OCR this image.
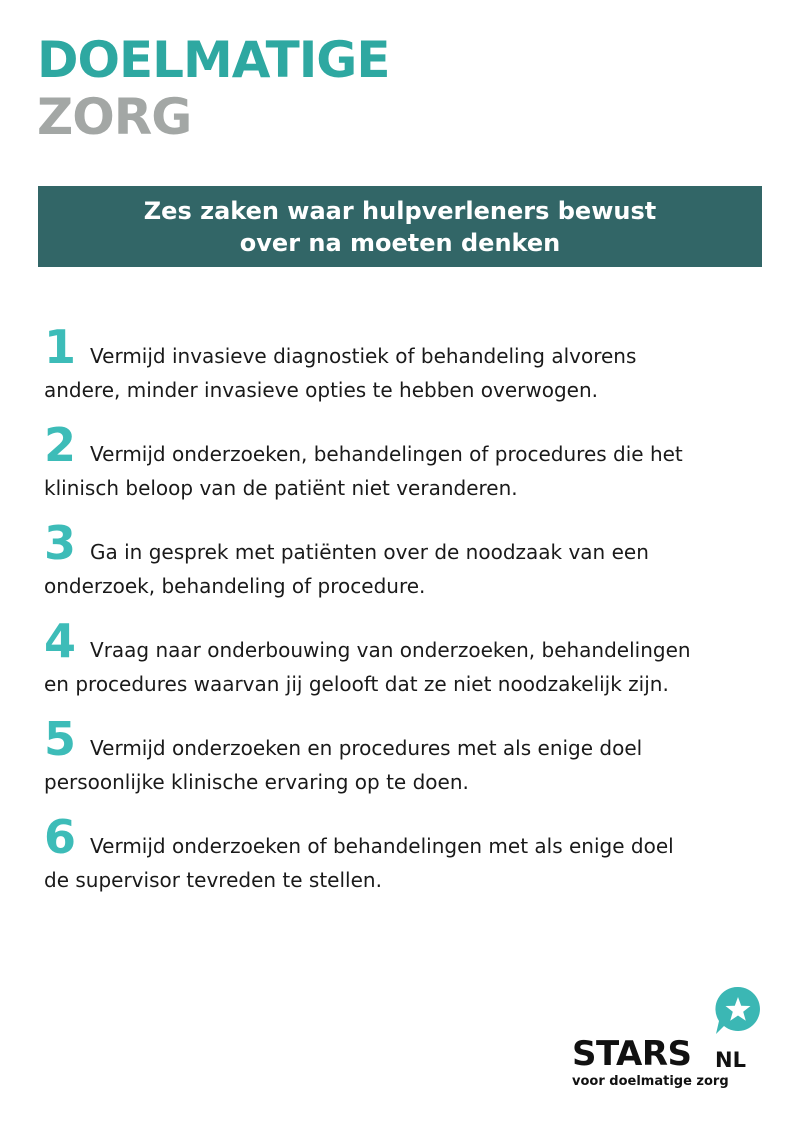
DOELMATIGE
ZORG
Zes zaken waar hulpverleners bewust
over na moeten denken
1 Vermijd invasieve diagnostiek of behandeling alvorens
andere, minder invasieve opties te hebben overwogen.
2 Vermijd onderzoeken, behandelingen of procedures die het
klinisch beloop van de patiënt niet veranderen.
3 Ga in gesprek met patiënten over de noodzaak van een
onderzoek, behandeling of procedure.
4 Vraag naar onderbouwing van onderzoeken, behandelingen
en procedures waarvan jij gelooft dat ze niet noodzakelijk zijn.
5 Vermijd onderzoeken en procedures met als enige doel
persoonlijke klinische ervaring op te doen.
6 Vermijd onderzoeken of behandelingen met als enige doel
de supervisor tevreden te stellen.
STARS NL
voor doelmatige zorg
